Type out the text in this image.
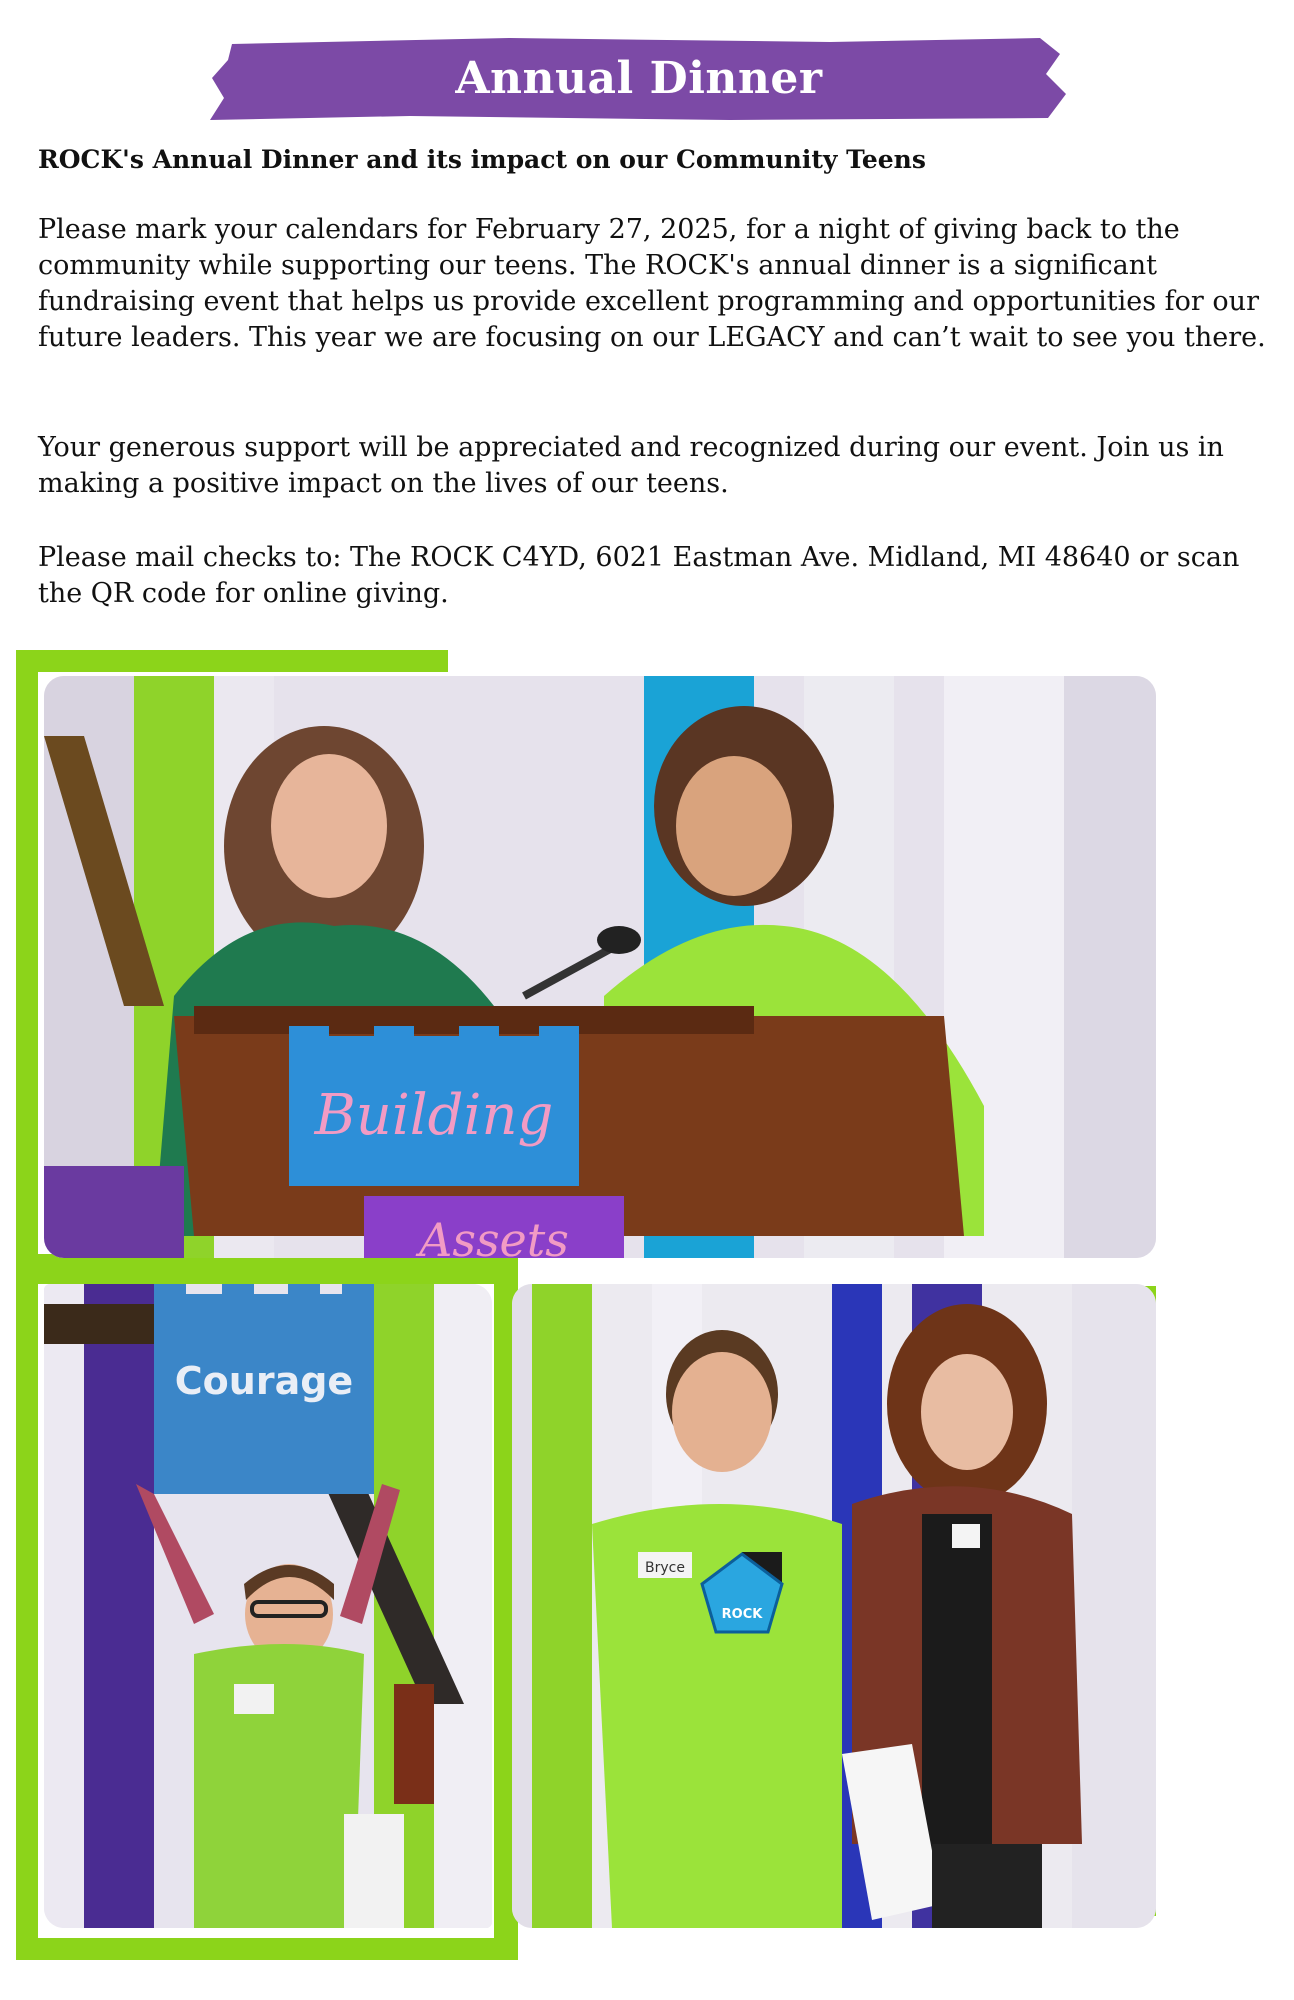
Annual Dinner
ROCK's Annual Dinner and its impact on our Community Teens

Please mark your calendars for February 27, 2025, for a night of giving back to the community while supporting our teens. The ROCK's annual dinner is a significant fundraising event that helps us provide excellent programming and opportunities for our future leaders. This year we are focusing on our LEGACY and can’t wait to see you there.

Your generous support will be appreciated and recognized during our event. Join us in making a positive impact on the lives of our teens.

Please mail checks to: The ROCK C4YD, 6021 Eastman Ave. Midland, MI 48640 or scan the QR code for online giving.

Building
Assets
Courage
Bryce
ROCK
